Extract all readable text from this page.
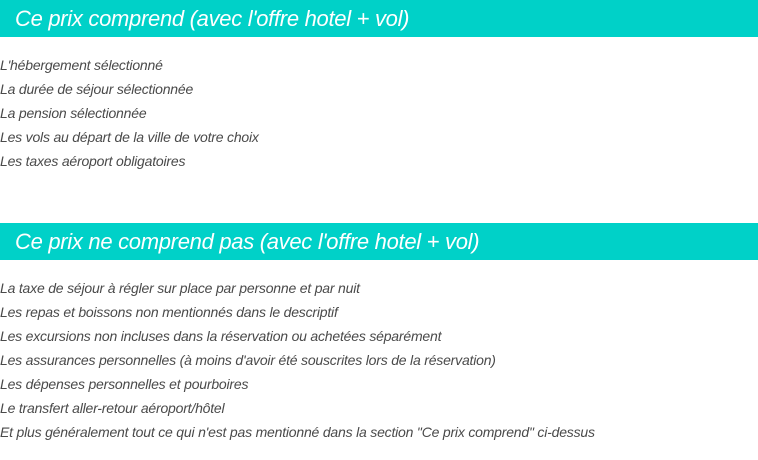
Ce prix comprend (avec l'offre hotel + vol)
L'hébergement sélectionné
La durée de séjour sélectionnée
La pension sélectionnée
Les vols au départ de la ville de votre choix
Les taxes aéroport obligatoires
Ce prix ne comprend pas (avec l'offre hotel + vol)
La taxe de séjour à régler sur place par personne et par nuit
Les repas et boissons non mentionnés dans le descriptif
Les excursions non incluses dans la réservation ou achetées séparément
Les assurances personnelles (à moins d'avoir été souscrites lors de la réservation)
Les dépenses personnelles et pourboires
Le transfert aller-retour aéroport/hôtel
Et plus généralement tout ce qui n'est pas mentionné dans la section "Ce prix comprend" ci-dessus
